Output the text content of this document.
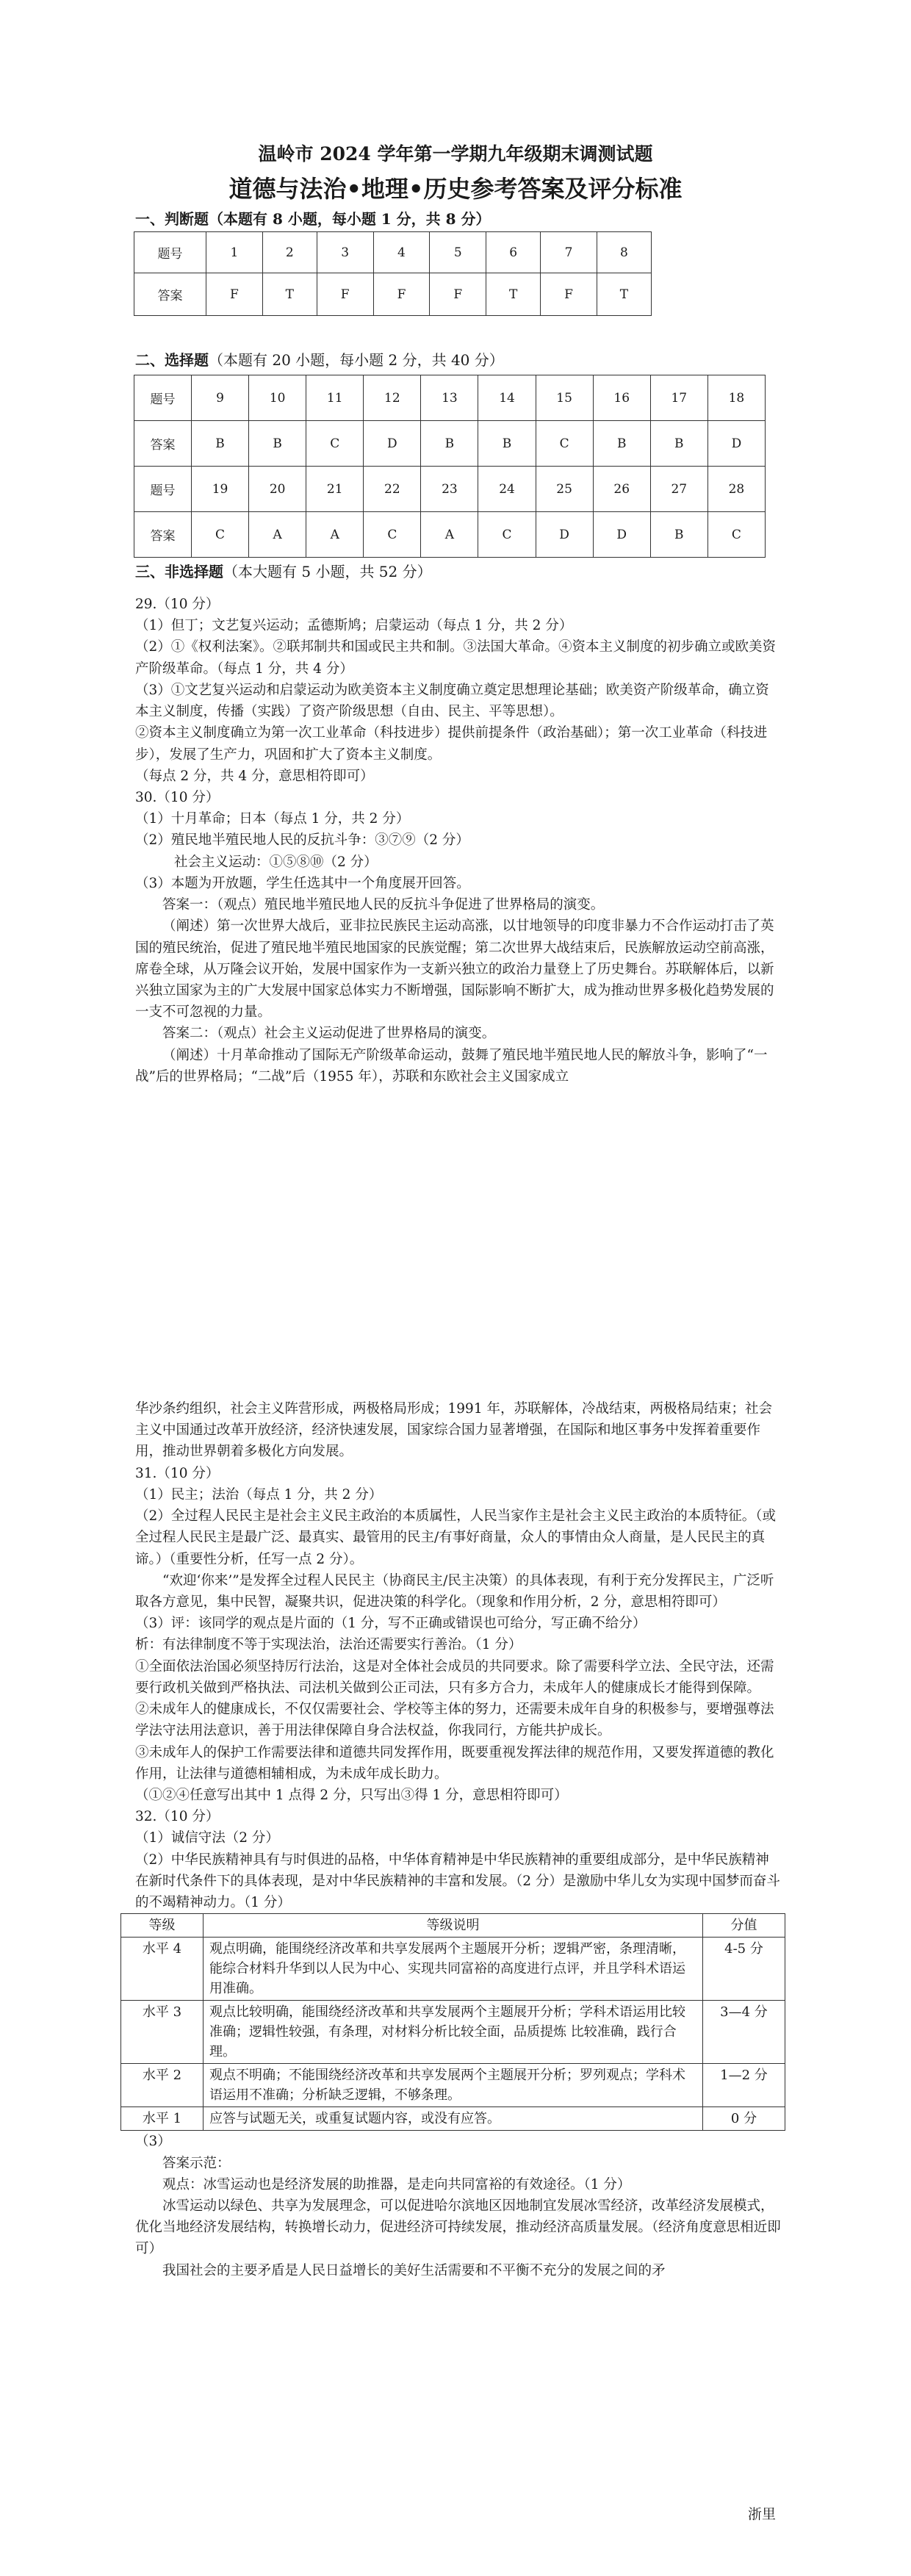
温岭市 2024 学年第一学期九年级期末调测试题
道德与法治•地理•历史参考答案及评分标准
一、判断题（本题有 8 小题，每小题 1 分，共 8 分）
题号	1	2	3	4	5	6	7	8
答案	F	T	F	F	F	T	F	T
二、选择题（本题有 20 小题，每小题 2 分，共 40 分）
题号	9	10	11	12	13	14	15	16	17	18
答案	B	B	C	D	B	B	C	B	B	D
题号	19	20	21	22	23	24	25	26	27	28
答案	C	A	A	C	A	C	D	D	B	C
三、非选择题（本大题有 5 小题，共 52 分）

29.（10 分）

（1）但丁；文艺复兴运动；孟德斯鸠；启蒙运动（每点 1 分，共 2 分）

（2）①《权利法案》。②联邦制共和国或民主共和制。③法国大革命。④资本主义制度的初步确立或欧美资产阶级革命。（每点 1 分，共 4 分）

（3）①文艺复兴运动和启蒙运动为欧美资本主义制度确立奠定思想理论基础；欧美资产阶级革命，确立资本主义制度，传播（实践）了资产阶级思想（自由、民主、平等思想）。

②资本主义制度确立为第一次工业革命（科技进步）提供前提条件（政治基础）；第一次工业革命（科技进步），发展了生产力，巩固和扩大了资本主义制度。

（每点 2 分，共 4 分，意思相符即可）

30.（10 分）

（1）十月革命；日本（每点 1 分，共 2 分）

（2）殖民地半殖民地人民的反抗斗争：③⑦⑨（2 分）

社会主义运动：①⑤⑧⑩（2 分）

（3）本题为开放题，学生任选其中一个角度展开回答。

答案一：（观点）殖民地半殖民地人民的反抗斗争促进了世界格局的演变。

（阐述）第一次世界大战后，亚非拉民族民主运动高涨，以甘地领导的印度非暴力不合作运动打击了英国的殖民统治，促进了殖民地半殖民地国家的民族觉醒；第二次世界大战结束后，民族解放运动空前高涨，席卷全球，从万隆会议开始，发展中国家作为一支新兴独立的政治力量登上了历史舞台。苏联解体后，以新兴独立国家为主的广大发展中国家总体实力不断增强，国际影响不断扩大，成为推动世界多极化趋势发展的一支不可忽视的力量。

答案二：（观点）社会主义运动促进了世界格局的演变。

（阐述）十月革命推动了国际无产阶级革命运动，鼓舞了殖民地半殖民地人民的解放斗争，影响了“一战”后的世界格局；“二战”后（1955 年），苏联和东欧社会主义国家成立

华沙条约组织，社会主义阵营形成，两极格局形成；1991 年，苏联解体，冷战结束，两极格局结束；社会主义中国通过改革开放经济，经济快速发展，国家综合国力显著增强，在国际和地区事务中发挥着重要作用，推动世界朝着多极化方向发展。

31.（10 分）

（1）民主；法治（每点 1 分，共 2 分）

（2）全过程人民民主是社会主义民主政治的本质属性，人民当家作主是社会主义民主政治的本质特征。（或全过程人民民主是最广泛、最真实、最管用的民主/有事好商量，众人的事情由众人商量，是人民民主的真谛。）（重要性分析，任写一点 2 分）。

“欢迎‘你来’”是发挥全过程人民民主（协商民主/民主决策）的具体表现，有利于充分发挥民主，广泛听取各方意见，集中民智，凝聚共识，促进决策的科学化。（现象和作用分析，2 分，意思相符即可）

（3）评：该同学的观点是片面的（1 分，写不正确或错误也可给分，写正确不给分）

析：有法律制度不等于实现法治，法治还需要实行善治。（1 分）

①全面依法治国必须坚持厉行法治，这是对全体社会成员的共同要求。除了需要科学立法、全民守法，还需要行政机关做到严格执法、司法机关做到公正司法，只有多方合力，未成年人的健康成长才能得到保障。

②未成年人的健康成长，不仅仅需要社会、学校等主体的努力，还需要未成年自身的积极参与，要增强尊法学法守法用法意识，善于用法律保障自身合法权益，你我同行，方能共护成长。

③未成年人的保护工作需要法律和道德共同发挥作用，既要重视发挥法律的规范作用，又要发挥道德的教化作用，让法律与道德相辅相成，为未成年成长助力。

（①②④任意写出其中 1 点得 2 分，只写出③得 1 分，意思相符即可）

32.（10 分）

（1）诚信守法（2 分）

（2）中华民族精神具有与时俱进的品格，中华体育精神是中华民族精神的重要组成部分，是中华民族精神在新时代条件下的具体表现，是对中华民族精神的丰富和发展。（2 分）是激励中华儿女为实现中国梦而奋斗的不竭精神动力。（1 分）

等级	等级说明	分值
水平 4	观点明确，能围绕经济改革和共享发展两个主题展开分析；逻辑严密，条理清晰，能综合材料升华到以人民为中心、实现共同富裕的高度进行点评，并且学科术语运用准确。	4-5 分
水平 3	观点比较明确，能围绕经济改革和共享发展两个主题展开分析；学科术语运用比较准确；逻辑性较强，有条理，对材料分析比较全面，品质提炼 比较准确，践行合理。	3—4 分
水平 2	观点不明确；不能围绕经济改革和共享发展两个主题展开分析；罗列观点；学科术语运用不准确；分析缺乏逻辑，不够条理。	1—2 分
水平 1	应答与试题无关，或重复试题内容，或没有应答。	0 分

（3）

答案示范：

观点：冰雪运动也是经济发展的助推器，是走向共同富裕的有效途径。（1 分）

冰雪运动以绿色、共享为发展理念，可以促进哈尔滨地区因地制宜发展冰雪经济，改革经济发展模式，优化当地经济发展结构，转换增长动力，促进经济可持续发展，推动经济高质量发展。（经济角度意思相近即可）

我国社会的主要矛盾是人民日益增长的美好生活需要和不平衡不充分的发展之间的矛

浙里
